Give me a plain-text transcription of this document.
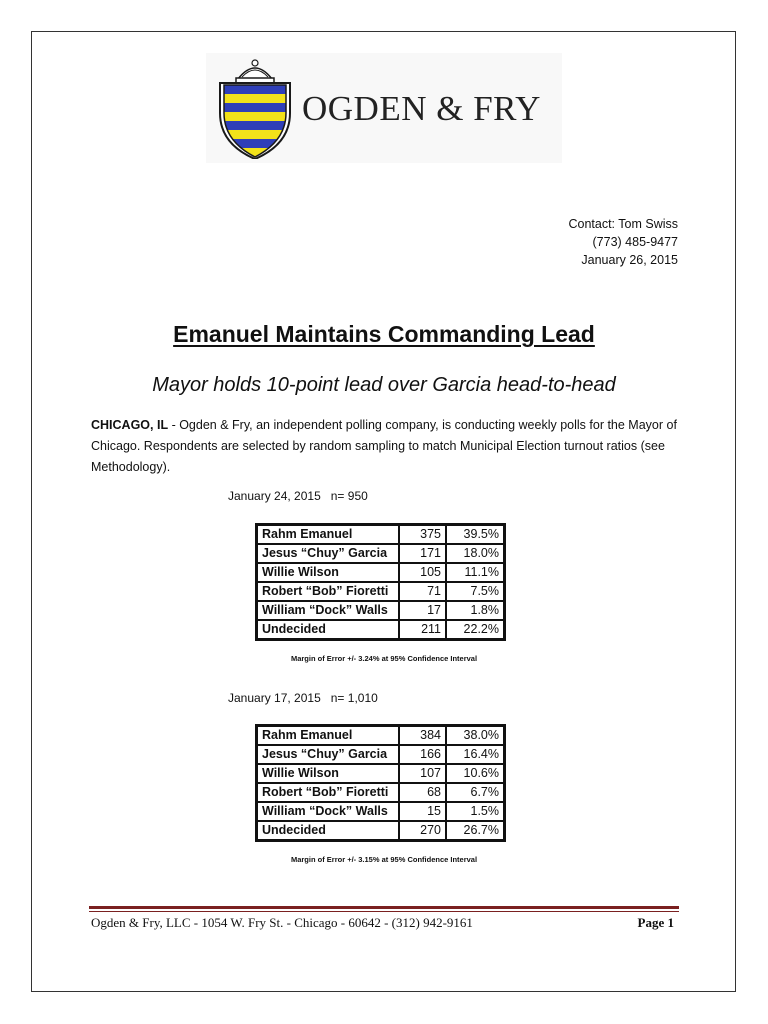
OGDEN & FRY
Contact: Tom Swiss
(773) 485-9477
January 26, 2015
Emanuel Maintains Commanding Lead
Mayor holds 10-point lead over Garcia head-to-head
CHICAGO, IL - Ogden & Fry, an independent polling company, is conducting weekly polls for the Mayor of Chicago. Respondents are selected by random sampling to match Municipal Election turnout ratios (see Methodology).
January 24, 2015 n= 950
Rahm Emanuel	375	39.5%
Jesus “Chuy” Garcia	171	18.0%
Willie Wilson	105	11.1%
Robert “Bob” Fioretti	71	7.5%
William “Dock” Walls	17	1.8%
Undecided	211	22.2%
Margin of Error +/- 3.24% at 95% Confidence Interval
January 17, 2015 n= 1,010
Rahm Emanuel	384	38.0%
Jesus “Chuy” Garcia	166	16.4%
Willie Wilson	107	10.6%
Robert “Bob” Fioretti	68	6.7%
William “Dock” Walls	15	1.5%
Undecided	270	26.7%
Margin of Error +/- 3.15% at 95% Confidence Interval
Ogden & Fry, LLC - 1054 W. Fry St. - Chicago - 60642 - (312) 942-9161	Page 1
